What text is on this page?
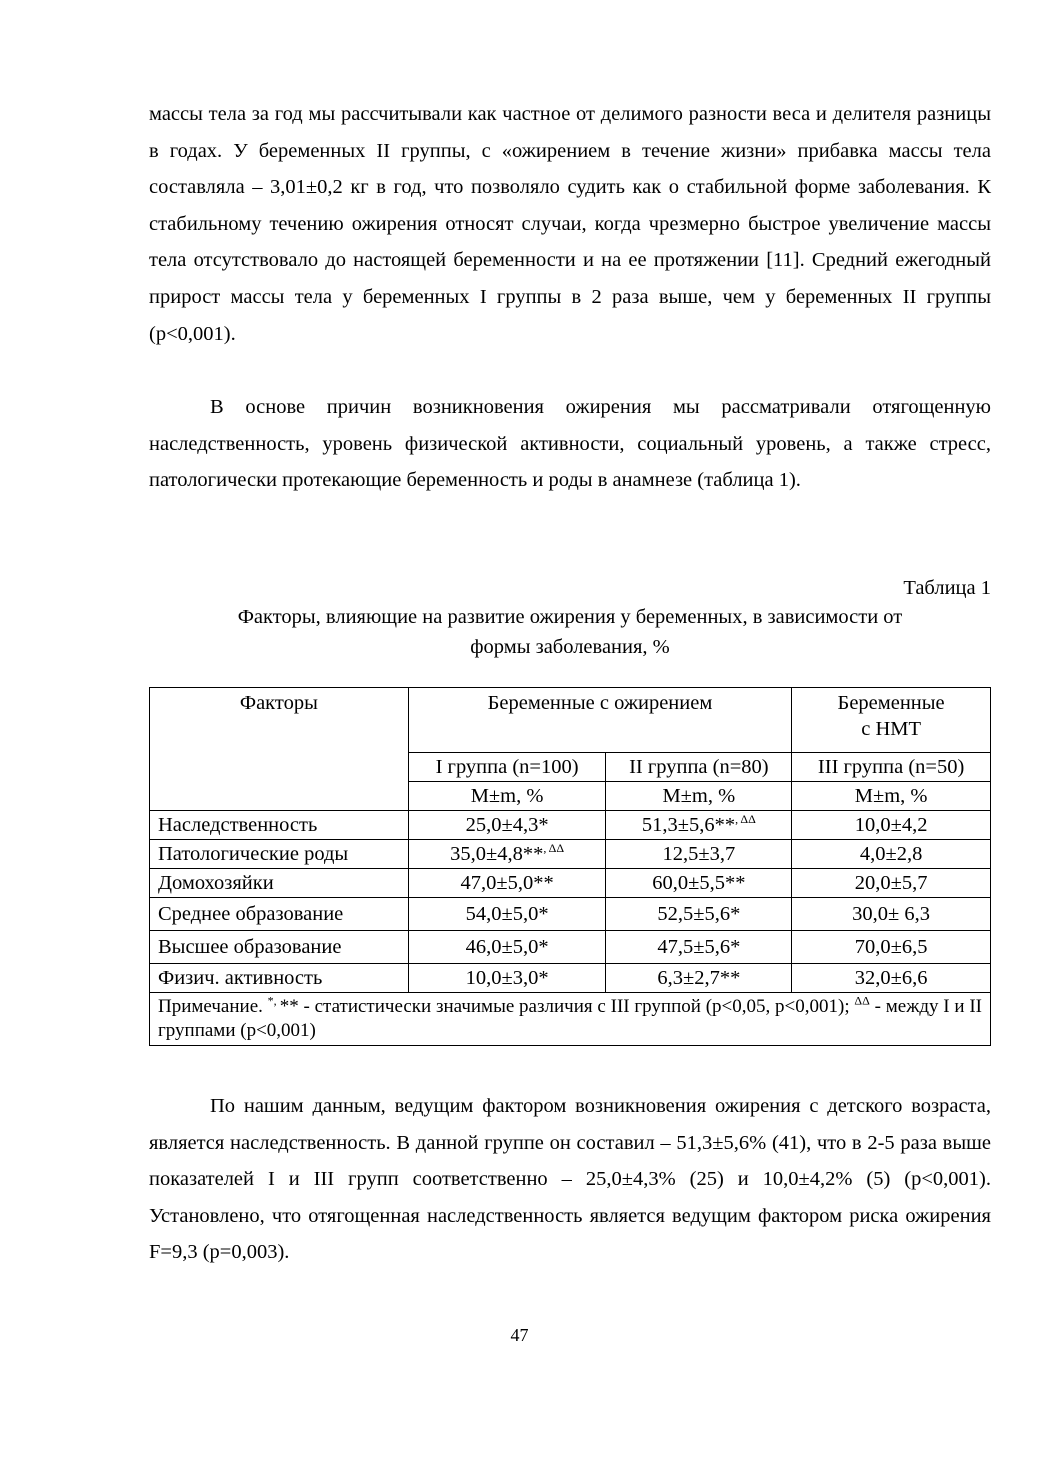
массы тела за год мы рассчитывали как частное от делимого разности веса и делителя разницы в годах. У беременных II группы, с «ожирением в течение жизни» прибавка массы тела составляла – 3,01±0,2 кг в год, что позволяло судить как о стабильной форме заболевания. К стабильному течению ожирения относят случаи, когда чрезмерно быстрое увеличение массы тела отсутствовало до настоящей беременности и на ее протяжении [11]. Средний ежегодный прирост массы тела у беременных I группы в 2 раза выше, чем у беременных II группы (p<0,001).

В основе причин возникновения ожирения мы рассматривали отягощенную наследственность, уровень физической активности, социальный уровень, а также стресс, патологически протекающие беременность и роды в анамнезе (таблица 1).

Таблица 1
Факторы, влияющие на развитие ожирения у беременных, в зависимости от
формы заболевания, %
Факторы	Беременные с ожирением		Беременные
с НМТ

	I группа (n=100)	II группа (n=80)	III группа (n=50)
	M±m, %	M±m, %	M±m, %
Наследственность	25,0±4,3*	51,3±5,6**$^{, \Delta\Delta}$	10,0±4,2
Патологические роды	35,0±4,8**$^{, \Delta\Delta}$	12,5±3,7	4,0±2,8
Домохозяйки	47,0±5,0**	60,0±5,5**	20,0±5,7
Среднее образование	54,0±5,0*	52,5±5,6*	30,0± 6,3
Высшее образование	46,0±5,0*	47,5±5,6*	70,0±6,5
Физич. активность	10,0±3,0*	6,3±2,7**	32,0±6,6
Примечание. *, ** - статистически значимые различия с III группой (p<0,05, p<0,001); $^{\Delta\Delta}$ - между I и II группами (p<0,001)			

По нашим данным, ведущим фактором возникновения ожирения с детского возраста, является наследственность. В данной группе он составил – 51,3±5,6% (41), что в 2-5 раза выше показателей I и III групп соответственно – 25,0±4,3% (25) и 10,0±4,2% (5) (p<0,001). Установлено, что отягощенная наследственность является ведущим фактором риска ожирения F=9,3 (p=0,003).

47
